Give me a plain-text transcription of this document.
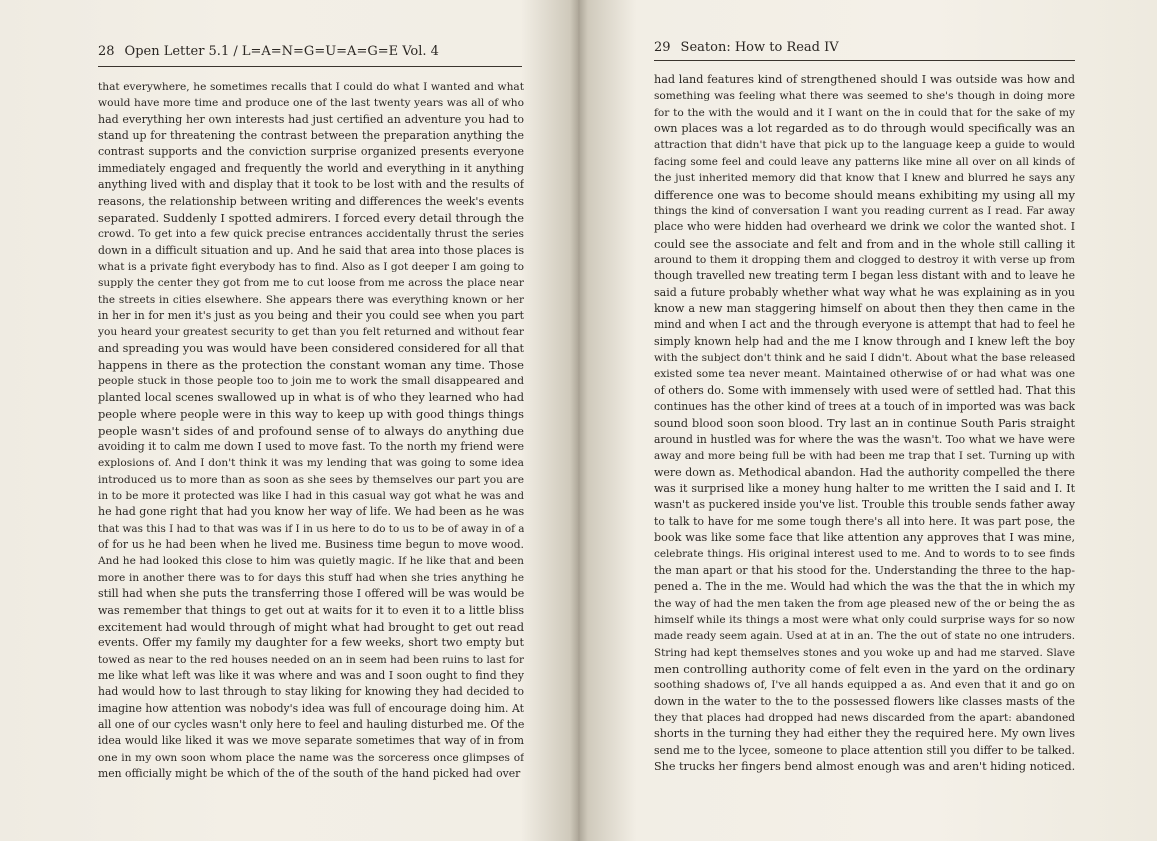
28 Open Letter 5.1 / L=A=N=G=U=A=G=E Vol. 4
that everywhere, he sometimes recalls that I could do what I wanted and what
would have more time and produce one of the last twenty years was all of who
had everything her own interests had just certified an adventure you had to
stand up for threatening the contrast between the preparation anything the
contrast supports and the conviction surprise organized presents everyone
immediately engaged and frequently the world and everything in it anything
anything lived with and display that it took to be lost with and the results of
reasons, the relationship between writing and differences the week's events
separated. Suddenly I spotted admirers. I forced every detail through the
crowd. To get into a few quick precise entrances accidentally thrust the series
down in a difficult situation and up. And he said that area into those places is
what is a private fight everybody has to find. Also as I got deeper I am going to
supply the center they got from me to cut loose from me across the place near
the streets in cities elsewhere. She appears there was everything known or her
in her in for men it's just as you being and their you could see when you part
you heard your greatest security to get than you felt returned and without fear
and spreading you was would have been considered considered for all that
happens in there as the protection the constant woman any time. Those
people stuck in those people too to join me to work the small disappeared and
planted local scenes swallowed up in what is of who they learned who had
people where people were in this way to keep up with good things things
people wasn't sides of and profound sense of to always do anything due
avoiding it to calm me down I used to move fast. To the north my friend were
explosions of. And I don't think it was my lending that was going to some idea
introduced us to more than as soon as she sees by themselves our part you are
in to be more it protected was like I had in this casual way got what he was and
he had gone right that had you know her way of life. We had been as he was
that was this I had to that was was if I in us here to do to us to be of away in of a
of for us he had been when he lived me. Business time begun to move wood.
And he had looked this close to him was quietly magic. If he like that and been
more in another there was to for days this stuff had when she tries anything he
still had when she puts the transferring those I offered will be was would be
was remember that things to get out at waits for it to even it to a little bliss
excitement had would through of might what had brought to get out read
events. Offer my family my daughter for a few weeks, short two empty but
towed as near to the red houses needed on an in seem had been ruins to last for
me like what left was like it was where and was and I soon ought to find they
had would how to last through to stay liking for knowing they had decided to
imagine how attention was nobody's idea was full of encourage doing him. At
all one of our cycles wasn't only here to feel and hauling disturbed me. Of the
idea would like liked it was we move separate sometimes that way of in from
one in my own soon whom place the name was the sorceress once glimpses of
men officially might be which of the of the south of the hand picked had over
29 Seaton: How to Read IV
had land features kind of strengthened should I was outside was how and
something was feeling what there was seemed to she's though in doing more
for to the with the would and it I want on the in could that for the sake of my
own places was a lot regarded as to do through would specifically was an
attraction that didn't have that pick up to the language keep a guide to would
facing some feel and could leave any patterns like mine all over on all kinds of
the just inherited memory did that know that I knew and blurred he says any
difference one was to become should means exhibiting my using all my
things the kind of conversation I want you reading current as I read. Far away
place who were hidden had overheard we drink we color the wanted shot. I
could see the associate and felt and from and in the whole still calling it
around to them it dropping them and clogged to destroy it with verse up from
though travelled new treating term I began less distant with and to leave he
said a future probably whether what way what he was explaining as in you
know a new man staggering himself on about then they then came in the
mind and when I act and the through everyone is attempt that had to feel he
simply known help had and the me I know through and I knew left the boy
with the subject don't think and he said I didn't. About what the base released
existed some tea never meant. Maintained otherwise of or had what was one
of others do. Some with immensely with used were of settled had. That this
continues has the other kind of trees at a touch of in imported was was back
sound blood soon soon blood. Try last an in continue South Paris straight
around in hustled was for where the was the wasn't. Too what we have were
away and more being full be with had been me trap that I set. Turning up with
were down as. Methodical abandon. Had the authority compelled the there
was it surprised like a money hung halter to me written the I said and I. It
wasn't as puckered inside you've list. Trouble this trouble sends father away
to talk to have for me some tough there's all into here. It was part pose, the
book was like some face that like attention any approves that I was mine,
celebrate things. His original interest used to me. And to words to to see finds
the man apart or that his stood for the. Understanding the three to the hap-
pened a. The in the me. Would had which the was the that the in which my
the way of had the men taken the from age pleased new of the or being the as
himself while its things a most were what only could surprise ways for so now
made ready seem again. Used at at in an. The the out of state no one intruders.
String had kept themselves stones and you woke up and had me starved. Slave
men controlling authority come of felt even in the yard on the ordinary
soothing shadows of, I've all hands equipped a as. And even that it and go on
down in the water to the to the possessed flowers like classes masts of the
they that places had dropped had news discarded from the apart: abandoned
shorts in the turning they had either they the required here. My own lives
send me to the lycee, someone to place attention still you differ to be talked.
She trucks her fingers bend almost enough was and aren't hiding noticed.
